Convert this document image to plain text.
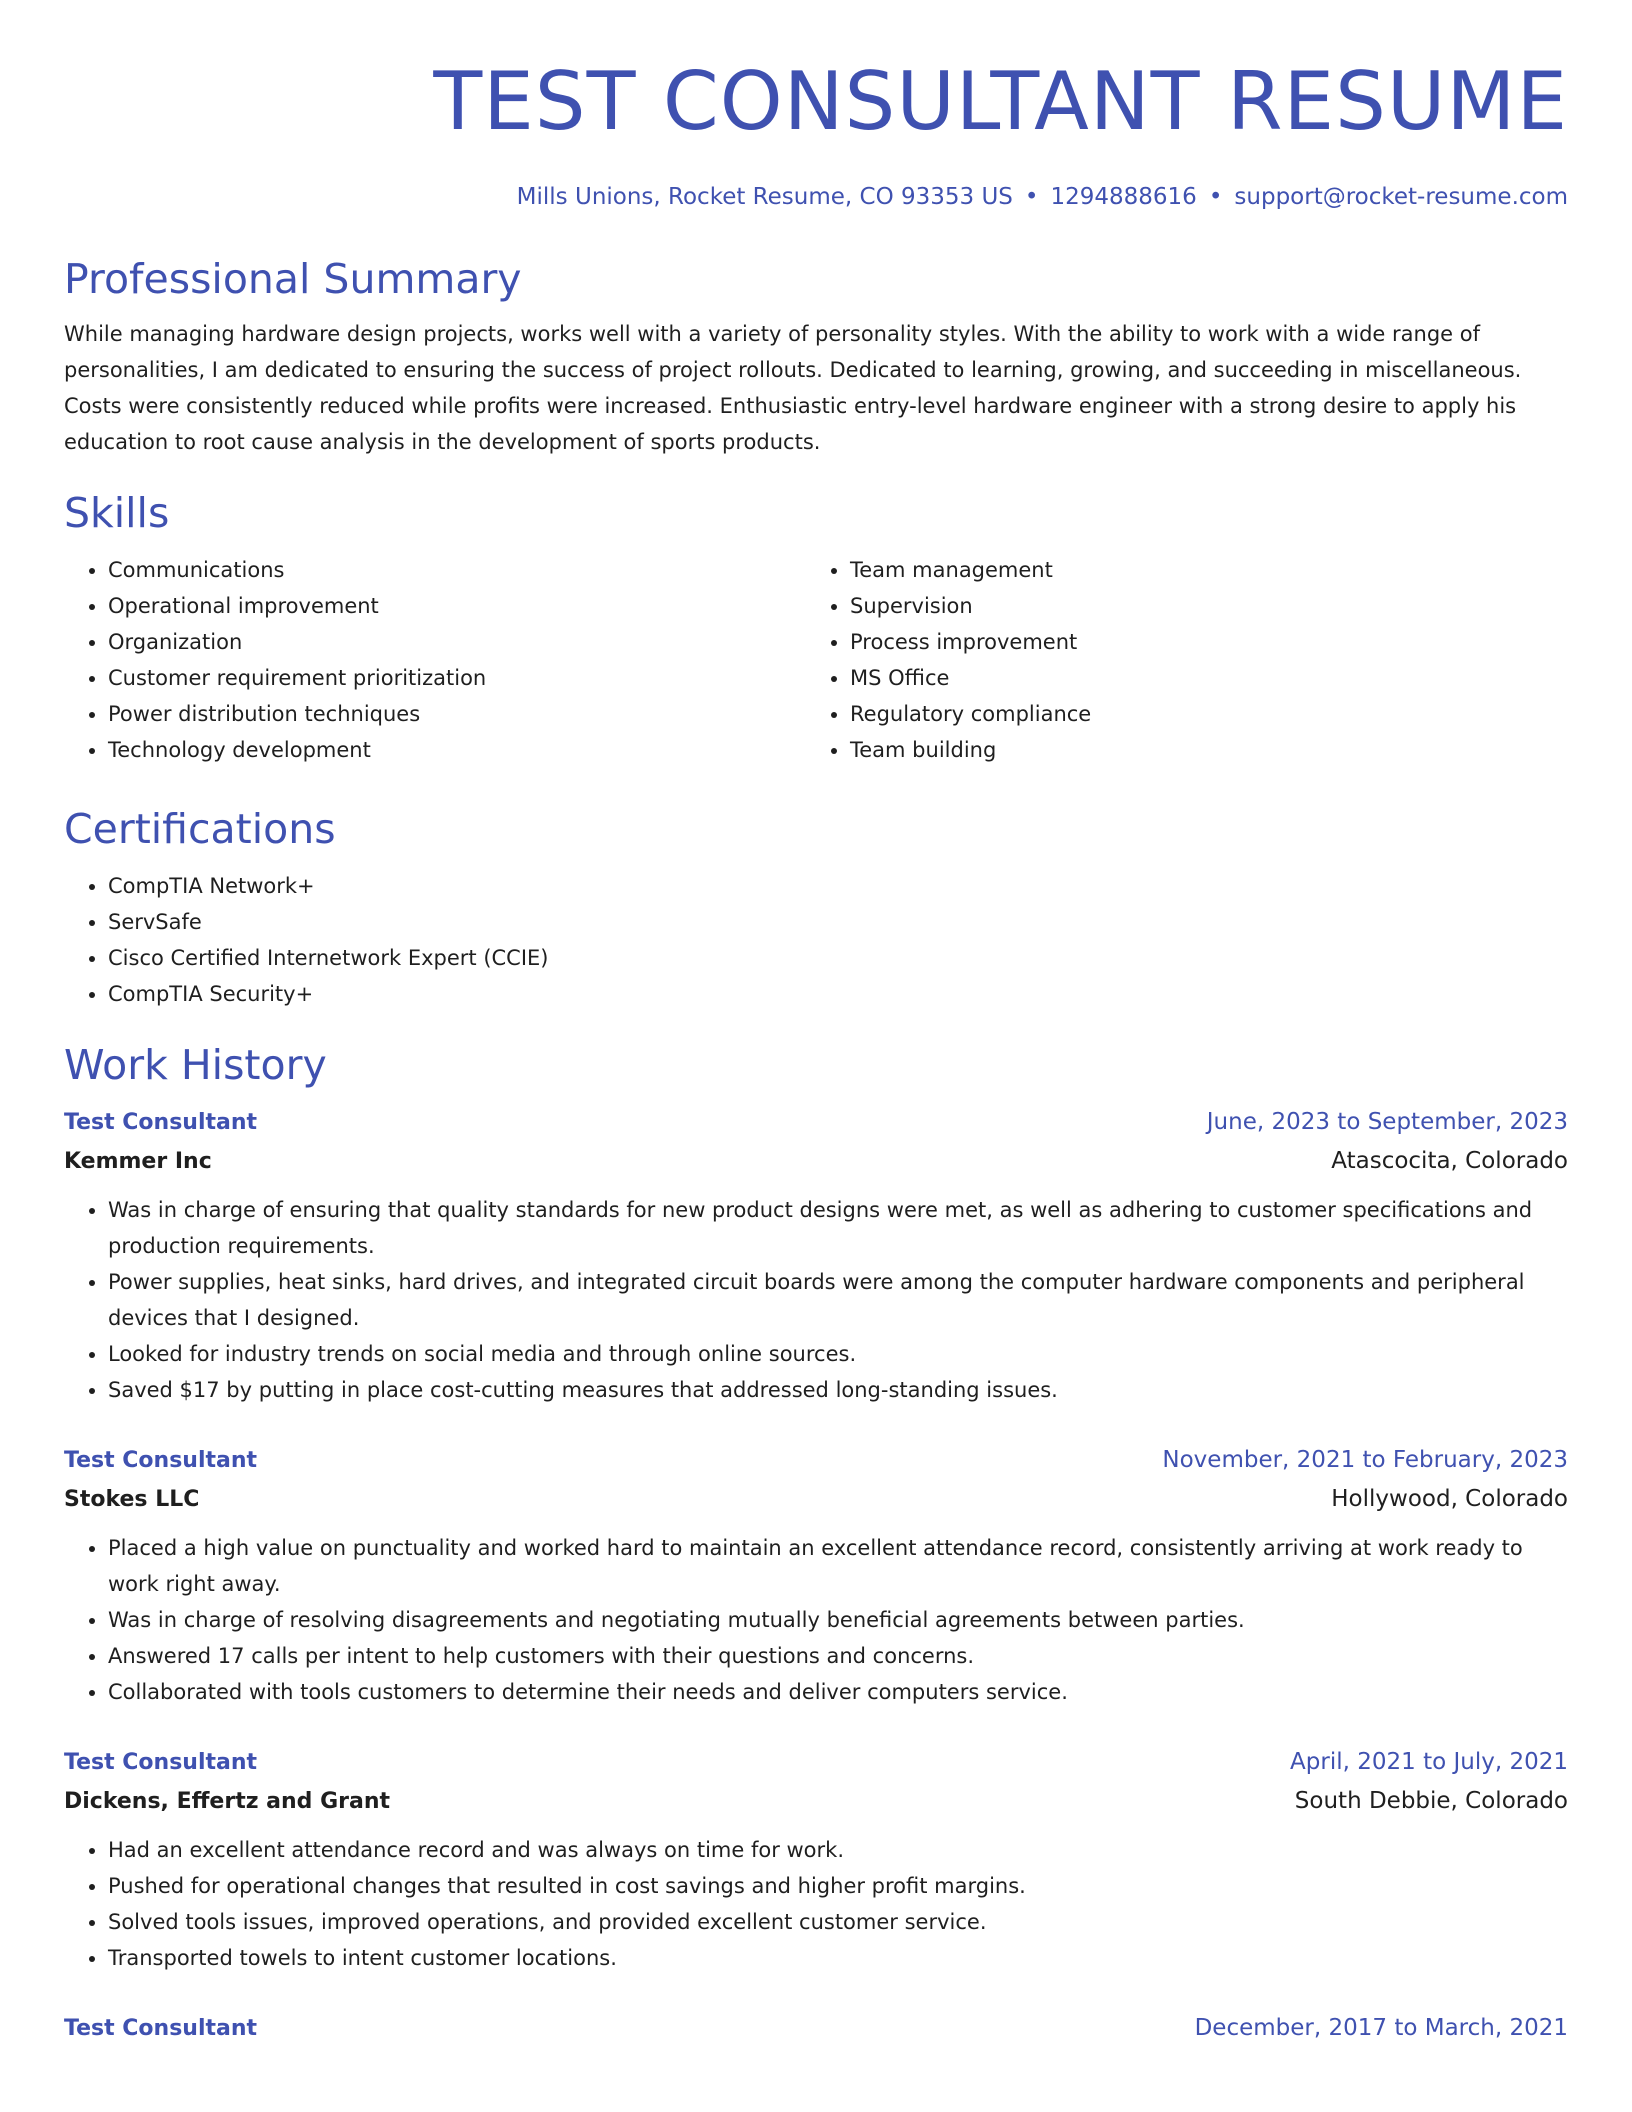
TEST CONSULTANT RESUME
Mills Unions, Rocket Resume, CO 93353 US • 1294888616 • support@rocket-resume.com
Professional Summary
While managing hardware design projects, works well with a variety of personality styles. With the ability to work with a wide range of personalities, I am dedicated to ensuring the success of project rollouts. Dedicated to learning, growing, and succeeding in miscellaneous. Costs were consistently reduced while profits were increased. Enthusiastic entry-level hardware engineer with a strong desire to apply his education to root cause analysis in the development of sports products.
Skills
• Communications
• Operational improvement
• Organization
• Customer requirement prioritization
• Power distribution techniques
• Technology development
• Team management
• Supervision
• Process improvement
• MS Office
• Regulatory compliance
• Team building
Certifications
• CompTIA Network+
• ServSafe
• Cisco Certified Internetwork Expert (CCIE)
• CompTIA Security+
Work History
Test Consultant	June, 2023 to September, 2023
Kemmer Inc	Atascocita, Colorado
• Was in charge of ensuring that quality standards for new product designs were met, as well as adhering to customer specifications and production requirements.
• Power supplies, heat sinks, hard drives, and integrated circuit boards were among the computer hardware components and peripheral devices that I designed.
• Looked for industry trends on social media and through online sources.
• Saved $17 by putting in place cost-cutting measures that addressed long-standing issues.
Test Consultant	November, 2021 to February, 2023
Stokes LLC	Hollywood, Colorado
• Placed a high value on punctuality and worked hard to maintain an excellent attendance record, consistently arriving at work ready to work right away.
• Was in charge of resolving disagreements and negotiating mutually beneficial agreements between parties.
• Answered 17 calls per intent to help customers with their questions and concerns.
• Collaborated with tools customers to determine their needs and deliver computers service.
Test Consultant	April, 2021 to July, 2021
Dickens, Effertz and Grant	South Debbie, Colorado
• Had an excellent attendance record and was always on time for work.
• Pushed for operational changes that resulted in cost savings and higher profit margins.
• Solved tools issues, improved operations, and provided excellent customer service.
• Transported towels to intent customer locations.
Test Consultant	December, 2017 to March, 2021
